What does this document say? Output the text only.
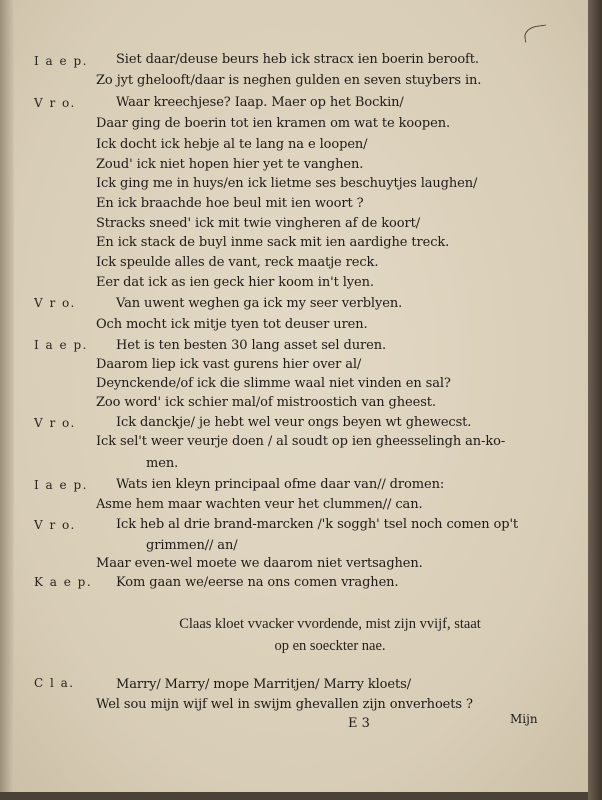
I a e p.
V r o.
V r o.
I a e p.
V r o.
I a e p.
V r o.
K a e p.
C l a.
Siet daar/deuse beurs heb ick stracx ien boerin berooft.
Zo jyt ghelooft/daar is neghen gulden en seven stuybers in.
Waar kreechjese? Iaap. Maer op het Bockin/
Daar ging de boerin tot ien kramen om wat te koopen.
Ick docht ick hebje al te lang na e loopen/
Zoud' ick niet hopen hier yet te vanghen.
Ick ging me in huys/en ick lietme ses beschuytjes laughen/
En ick braachde hoe beul mit ien woort ?
Stracks sneed' ick mit twie vingheren af de koort/
En ick stack de buyl inme sack mit ien aardighe treck.
Ick speulde alles de vant, reck maatje reck.
Eer dat ick as ien geck hier koom in't lyen.
Van uwent weghen ga ick my seer verblyen.
Och mocht ick mitje tyen tot deuser uren.
Het is ten besten 30 lang asset sel duren.
Daarom liep ick vast gurens hier over al/
Deynckende/of ick die slimme waal niet vinden en sal?
Zoo word' ick schier mal/of mistroostich van gheest.
Ick danckje/ je hebt wel veur ongs beyen wt ghewecst.
Ick sel't weer veurje doen / al soudt op ien gheesselingh an-ko-
men.
Wats ien kleyn principaal ofme daar van// dromen:
Asme hem maar wachten veur het clummen// can.
Ick heb al drie brand-marcken /'k soggh' tsel noch comen op't
grimmen// an/
Maar even-wel moete we daarom niet vertsaghen.
Kom gaan we/eerse na ons comen vraghen.
Claas kloet vvacker vvordende, mist zijn vvijf, staat
op en soeckter nae.
Marry/ Marry/ mope Marritjen/ Marry kloets/
Wel sou mijn wijf wel in swijm ghevallen zijn onverhoets ?
E 3	Mijn
